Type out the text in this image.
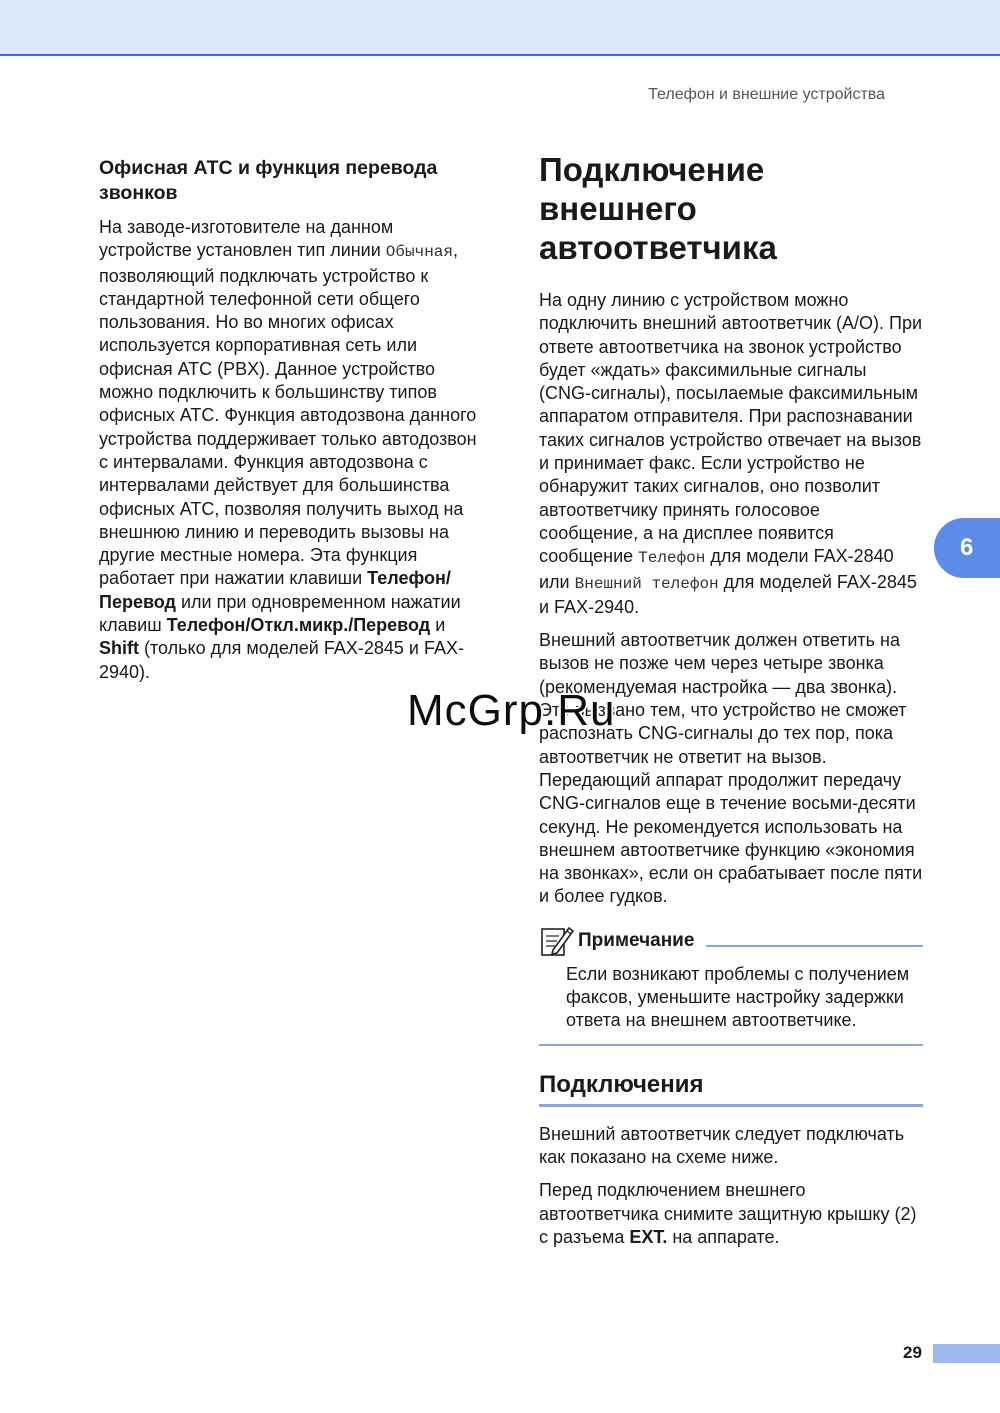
Телефон и внешние устройства
Офисная АТС и функция перевода звонков

На заводе-изготовителе на данном устройстве установлен тип линии Обычная, позволяющий подключать устройство к стандартной телефонной сети общего пользования. Но во многих офисах используется корпоративная сеть или офисная АТС (PBX). Данное устройство можно подключить к большинству типов офисных АТС. Функция автодозвона данного устройства поддерживает только автодозвон с интервалами. Функция автодозвона с интервалами действует для большинства офисных АТС, позволяя получить выход на внешнюю линию и переводить вызовы на другие местные номера. Эта функция работает при нажатии клавиши Телефон/Перевод или при одновременном нажатии клавиш Телефон/Откл.микр./Перевод и Shift (только для моделей FAX-2845 и FAX-2940).

Подключение внешнего автоответчика

На одну линию с устройством можно подключить внешний автоответчик (A/O). При ответе автоответчика на звонок устройство будет «ждать» факсимильные сигналы (CNG-сигналы), посылаемые факсимильным аппаратом отправителя. При распознавании таких сигналов устройство отвечает на вызов и принимает факс. Если устройство не обнаружит таких сигналов, оно позволит автоответчику принять голосовое сообщение, а на дисплее появится сообщение Телефон для модели FAX-2840 или Внешний телефон для моделей FAX-2845 и FAX-2940.

Внешний автоответчик должен ответить на вызов не позже чем через четыре звонка (рекомендуемая настройка — два звонка). Это вызвано тем, что устройство не сможет распознать CNG-сигналы до тех пор, пока автоответчик не ответит на вызов. Передающий аппарат продолжит передачу CNG-сигналов еще в течение восьми-десяти секунд. Не рекомендуется использовать на внешнем автоответчике функцию «экономия на звонках», если он срабатывает после пяти и более гудков.

Примечание
Если возникают проблемы с получением факсов, уменьшите настройку задержки ответа на внешнем автоответчике.
Подключения

Внешний автоответчик следует подключать как показано на схеме ниже.

Перед подключением внешнего автоответчика снимите защитную крышку (2) с разъема EXT. на аппарате.

6
McGrp.Ru
29
